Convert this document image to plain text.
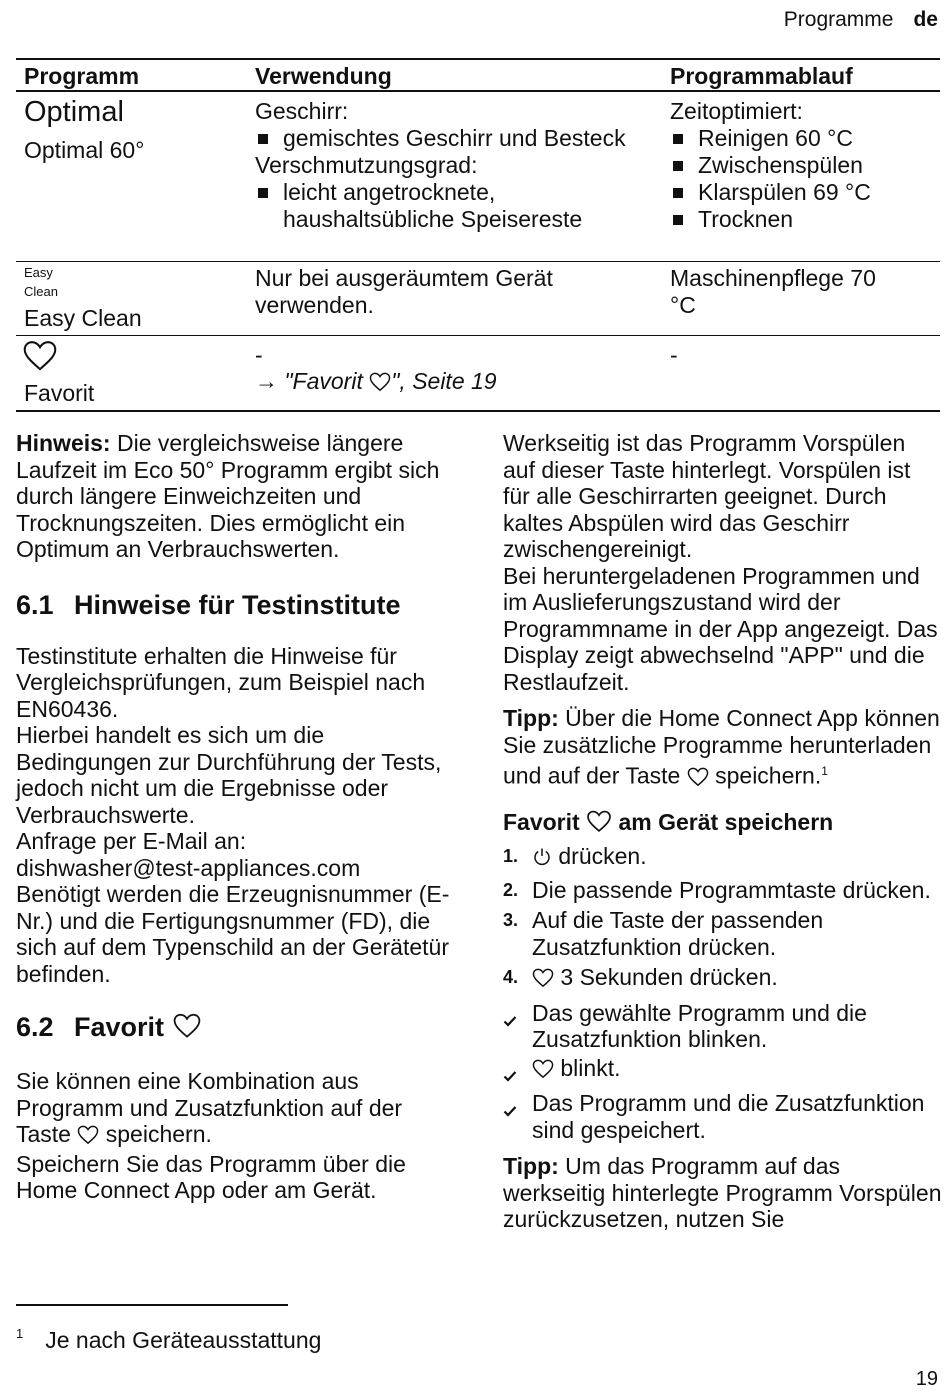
Programme de
Programm	Verwendung	Programmablauf
Optimal
Optimal 60°
Geschirr:
gemischtes Geschirr und Besteck
Verschmutzungsgrad:
leicht angetrocknete, haushaltsübliche Speisereste
Zeitoptimiert:
Reinigen 60 °C
Zwischenspülen
Klarspülen 69 °C
Trocknen
Easy
Clean
Easy Clean
Nur bei ausgeräumtem Gerät verwenden.
Maschinenpflege 70 °C
Favorit
-
→ "Favorit ", Seite 19
-

Hinweis: Die vergleichsweise längere Laufzeit im Eco 50° Programm ergibt sich durch längere Einweichzeiten und Trocknungszeiten. Dies ermöglicht ein Optimum an Verbrauchswerten.

6.1 Hinweise für Testinstitute

Testinstitute erhalten die Hinweise für Vergleichsprüfungen, zum Beispiel nach EN60436.

Hierbei handelt es sich um die Bedingungen zur Durchführung der Tests, jedoch nicht um die Ergebnisse oder Verbrauchswerte.

Anfrage per E-Mail an:

dishwasher@test-appliances.com

Benötigt werden die Erzeugnisnummer (E-Nr.) und die Fertigungsnummer (FD), die sich auf dem Typenschild an der Gerätetür befinden.

6.2 Favorit

Sie können eine Kombination aus Programm und Zusatzfunktion auf der Taste  speichern.

Speichern Sie das Programm über die Home Connect App oder am Gerät.

Werkseitig ist das Programm Vorspülen auf dieser Taste hinterlegt. Vorspülen ist für alle Geschirrarten geeignet. Durch kaltes Abspülen wird das Geschirr zwischengereinigt.

Bei heruntergeladenen Programmen und im Auslieferungszustand wird der Programmname in der App angezeigt. Das Display zeigt abwechselnd "APP" und die Restlaufzeit.

Tipp: Über die Home Connect App können Sie zusätzliche Programme herunterladen und auf der Taste  speichern.$^1$

Favorit  am Gerät speichern
1. drücken.
2. Die passende Programmtaste drücken.
3. Auf die Taste der passenden Zusatzfunktion drücken.
4. 3 Sekunden drücken.
Das gewählte Programm und die Zusatzfunktion blinken.
blinkt.
Das Programm und die Zusatzfunktion sind gespeichert.

Tipp: Um das Programm auf das werkseitig hinterlegte Programm Vorspülen zurückzusetzen, nutzen Sie

$^1$ Je nach Geräteausstattung
19
